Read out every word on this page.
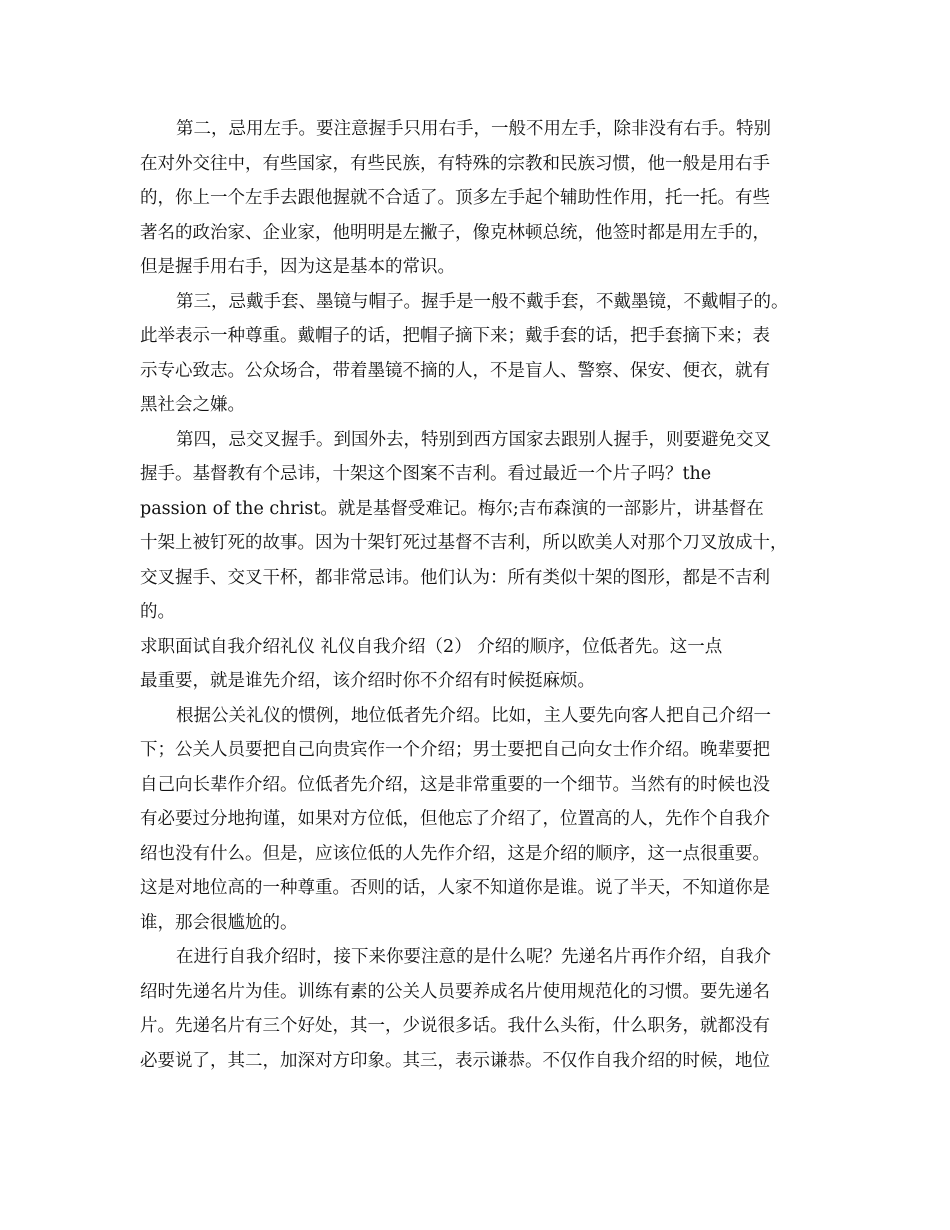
第二，忌用左手。要注意握手只用右手，一般不用左手，除非没有右手。特别
在对外交往中，有些国家，有些民族，有特殊的宗教和民族习惯，他一般是用右手
的，你上一个左手去跟他握就不合适了。顶多左手起个辅助性作用，托一托。有些
著名的政治家、企业家，他明明是左撇子，像克林顿总统，他签时都是用左手的，
但是握手用右手，因为这是基本的常识。
第三，忌戴手套、墨镜与帽子。握手是一般不戴手套，不戴墨镜，不戴帽子的。
此举表示一种尊重。戴帽子的话，把帽子摘下来；戴手套的话，把手套摘下来；表
示专心致志。公众场合，带着墨镜不摘的人，不是盲人、警察、保安、便衣，就有
黑社会之嫌。
第四，忌交叉握手。到国外去，特别到西方国家去跟别人握手，则要避免交叉
握手。基督教有个忌讳，十架这个图案不吉利。看过最近一个片子吗？the
passion of the christ。就是基督受难记。梅尔;吉布森演的一部影片，讲基督在
十架上被钉死的故事。因为十架钉死过基督不吉利，所以欧美人对那个刀叉放成十，
交叉握手、交叉干杯，都非常忌讳。他们认为：所有类似十架的图形，都是不吉利
的。
求职面试自我介绍礼仪 礼仪自我介绍（2） 介绍的顺序，位低者先。这一点
最重要，就是谁先介绍，该介绍时你不介绍有时候挺麻烦。
根据公关礼仪的惯例，地位低者先介绍。比如，主人要先向客人把自己介绍一
下；公关人员要把自己向贵宾作一个介绍；男士要把自己向女士作介绍。晚辈要把
自己向长辈作介绍。位低者先介绍，这是非常重要的一个细节。当然有的时候也没
有必要过分地拘谨，如果对方位低，但他忘了介绍了，位置高的人，先作个自我介
绍也没有什么。但是，应该位低的人先作介绍，这是介绍的顺序，这一点很重要。
这是对地位高的一种尊重。否则的话，人家不知道你是谁。说了半天，不知道你是
谁，那会很尴尬的。
在进行自我介绍时，接下来你要注意的是什么呢？先递名片再作介绍，自我介
绍时先递名片为佳。训练有素的公关人员要养成名片使用规范化的习惯。要先递名
片。先递名片有三个好处，其一，少说很多话。我什么头衔，什么职务，就都没有
必要说了，其二，加深对方印象。其三，表示谦恭。不仅作自我介绍的时候，地位
